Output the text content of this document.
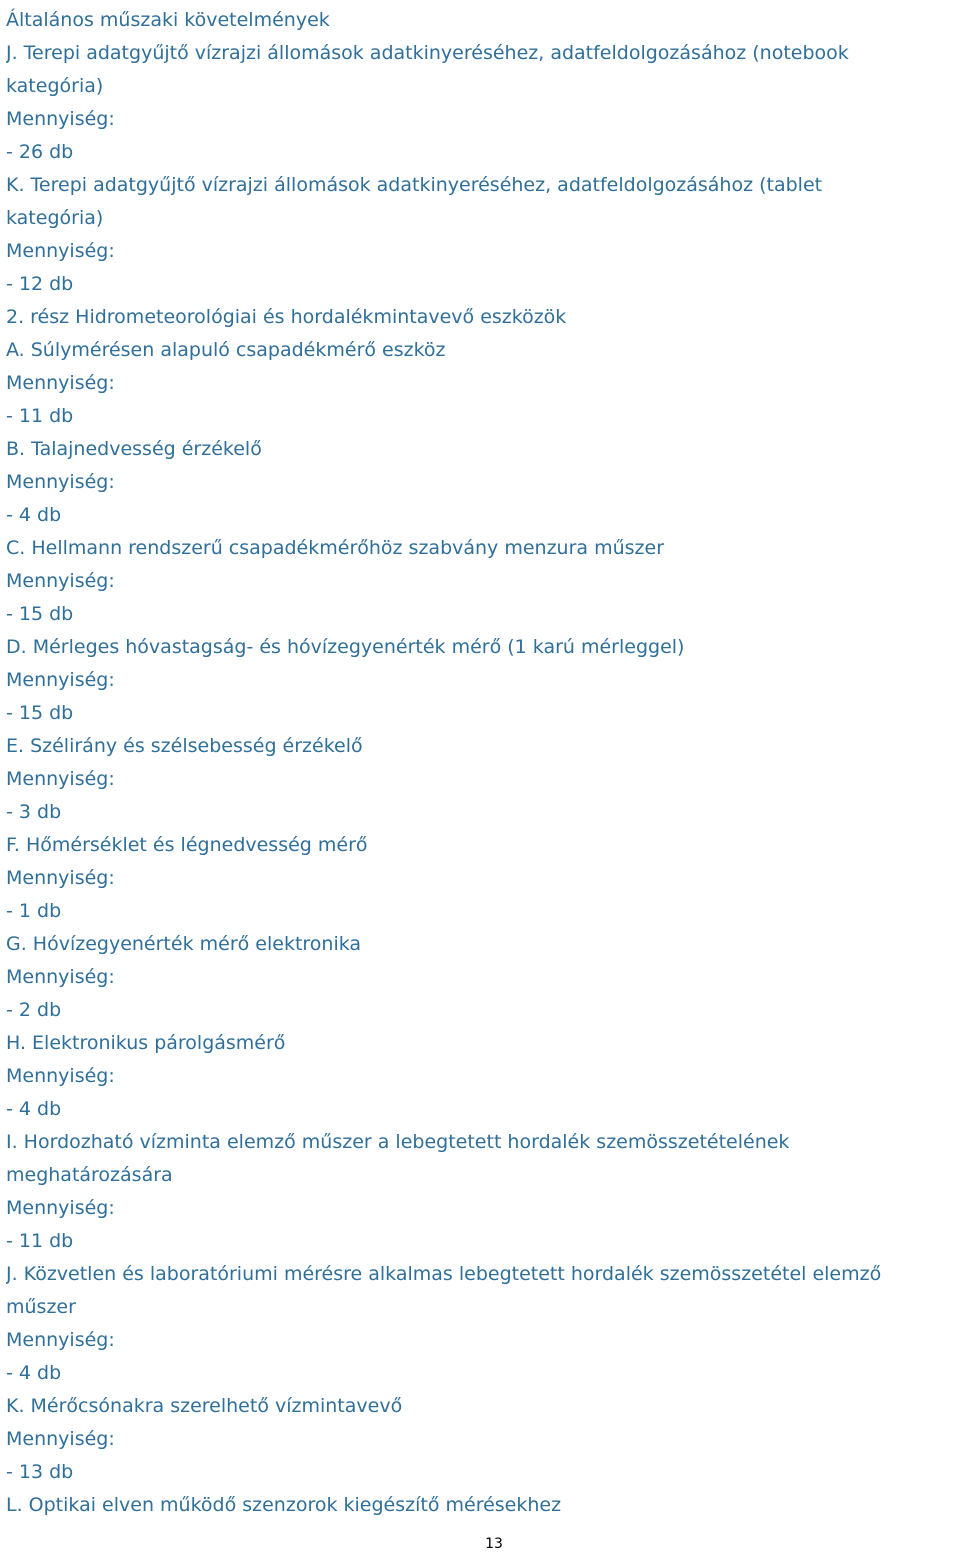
Általános műszaki követelmények
J. Terepi adatgyűjtő vízrajzi állomások adatkinyeréséhez, adatfeldolgozásához (notebook
kategória)
Mennyiség:
- 26 db
K. Terepi adatgyűjtő vízrajzi állomások adatkinyeréséhez, adatfeldolgozásához (tablet
kategória)
Mennyiség:
- 12 db
2. rész Hidrometeorológiai és hordalékmintavevő eszközök
A. Súlymérésen alapuló csapadékmérő eszköz
Mennyiség:
- 11 db
B. Talajnedvesség érzékelő
Mennyiség:
- 4 db
C. Hellmann rendszerű csapadékmérőhöz szabvány menzura műszer
Mennyiség:
- 15 db
D. Mérleges hóvastagság- és hóvízegyenérték mérő (1 karú mérleggel)
Mennyiség:
- 15 db
E. Szélirány és szélsebesség érzékelő
Mennyiség:
- 3 db
F. Hőmérséklet és légnedvesség mérő
Mennyiség:
- 1 db
G. Hóvízegyenérték mérő elektronika
Mennyiség:
- 2 db
H. Elektronikus párolgásmérő
Mennyiség:
- 4 db
I. Hordozható vízminta elemző műszer a lebegtetett hordalék szemösszetételének
meghatározására
Mennyiség:
- 11 db
J. Közvetlen és laboratóriumi mérésre alkalmas lebegtetett hordalék szemösszetétel elemző
műszer
Mennyiség:
- 4 db
K. Mérőcsónakra szerelhető vízmintavevő
Mennyiség:
- 13 db
L. Optikai elven működő szenzorok kiegészítő mérésekhez
13
